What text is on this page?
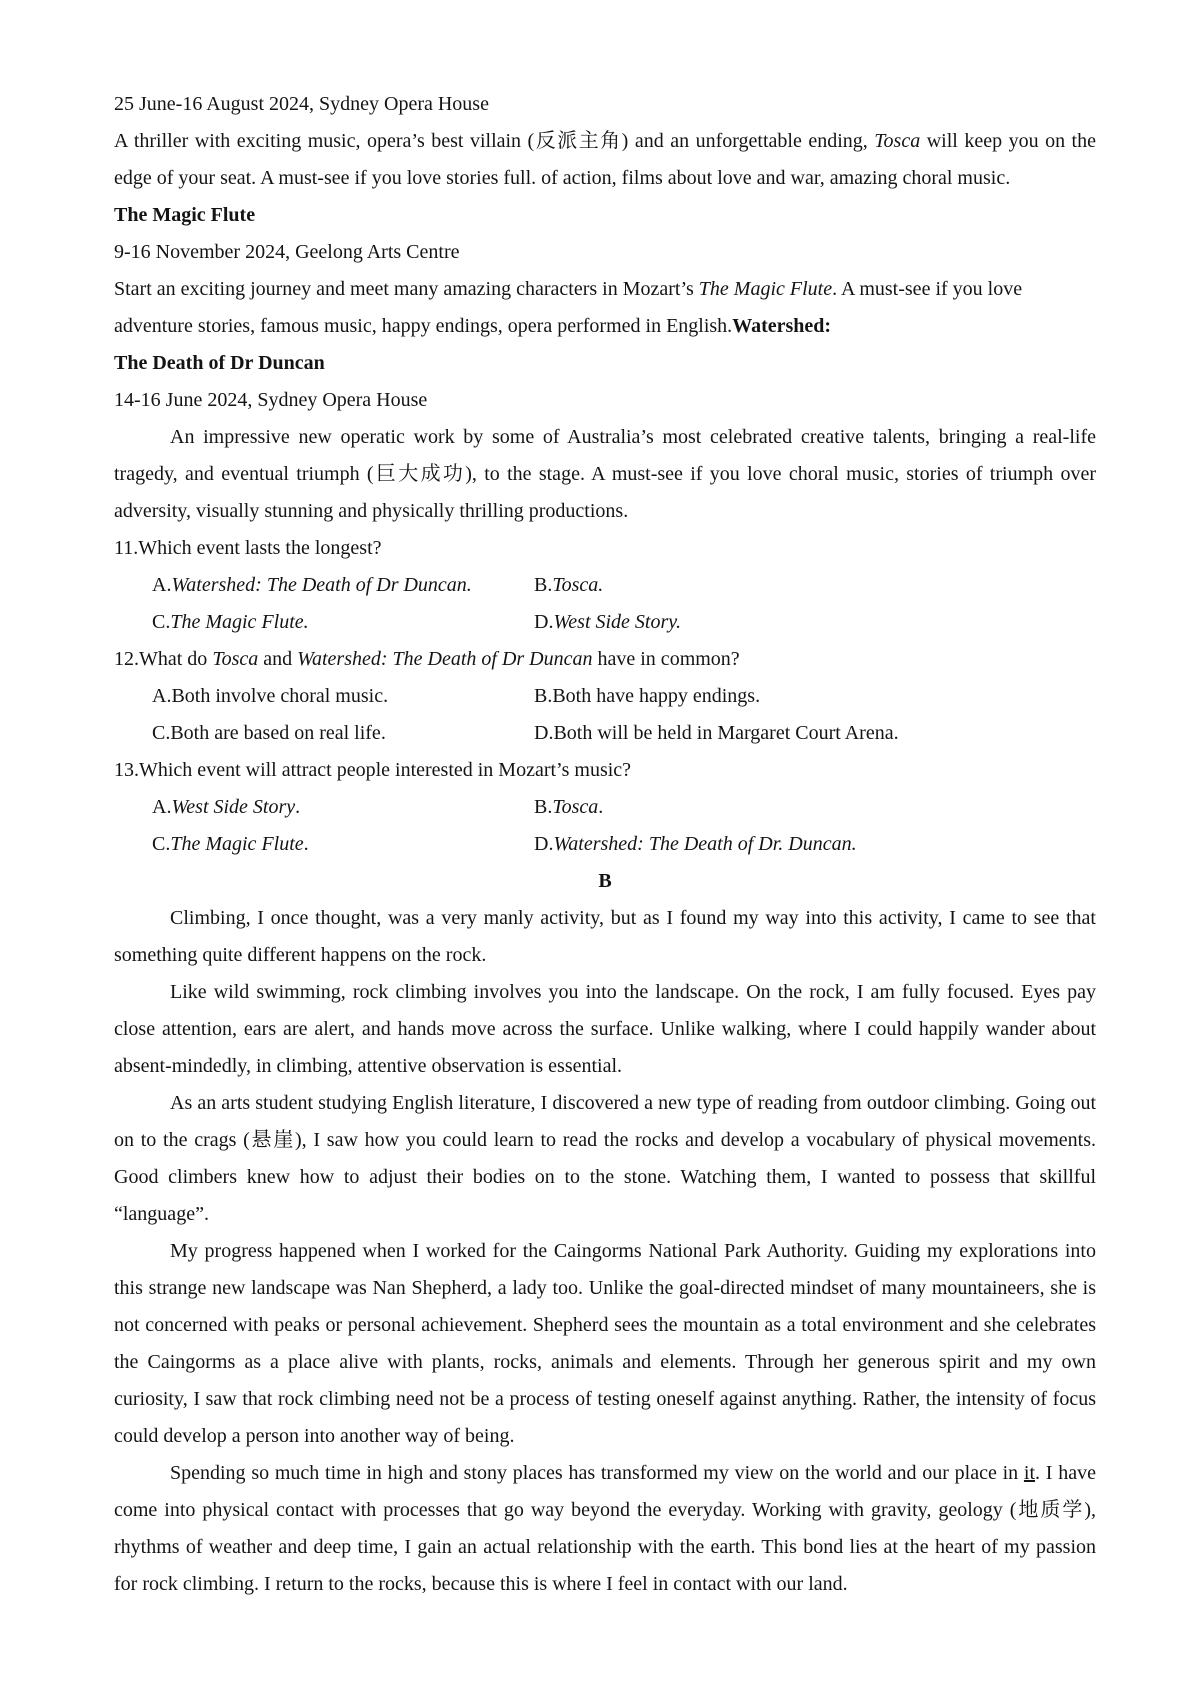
25 June-16 August 2024, Sydney Opera House

A thriller with exciting music, opera’s best villain (反派主角) and an unforgettable ending, Tosca will keep you on the edge of your seat. A must-see if you love stories full. of action, films about love and war, amazing choral music.

The Magic Flute

9-16 November 2024, Geelong Arts Centre

Start an exciting journey and meet many amazing characters in Mozart’s The Magic Flute. A must-see if you love adventure stories, famous music, happy endings, opera performed in English.Watershed:

The Death of Dr Duncan

14-16 June 2024, Sydney Opera House

An impressive new operatic work by some of Australia’s most celebrated creative talents, bringing a real-life tragedy, and eventual triumph (巨大成功), to the stage. A must-see if you love choral music, stories of triumph over adversity, visually stunning and physically thrilling productions.

11.Which event lasts the longest?

A.Watershed: The Death of Dr Duncan.	B.Tosca.
C.The Magic Flute.	D.West Side Story.

12.What do Tosca and Watershed: The Death of Dr Duncan have in common?

A.Both involve choral music.	B.Both have happy endings.
C.Both are based on real life.	D.Both will be held in Margaret Court Arena.

13.Which event will attract people interested in Mozart’s music?

A.West Side Story.	B.Tosca.
C.The Magic Flute.	D.Watershed: The Death of Dr. Duncan.

B

Climbing, I once thought, was a very manly activity, but as I found my way into this activity, I came to see that something quite different happens on the rock.

Like wild swimming, rock climbing involves you into the landscape. On the rock, I am fully focused. Eyes pay close attention, ears are alert, and hands move across the surface. Unlike walking, where I could happily wander about absent-mindedly, in climbing, attentive observation is essential.

As an arts student studying English literature, I discovered a new type of reading from outdoor climbing. Going out on to the crags (悬崖), I saw how you could learn to read the rocks and develop a vocabulary of physical movements. Good climbers knew how to adjust their bodies on to the stone. Watching them, I wanted to possess that skillful “language”.

My progress happened when I worked for the Caingorms National Park Authority. Guiding my explorations into this strange new landscape was Nan Shepherd, a lady too. Unlike the goal-directed mindset of many mountaineers, she is not concerned with peaks or personal achievement. Shepherd sees the mountain as a total environment and she celebrates the Caingorms as a place alive with plants, rocks, animals and elements. Through her generous spirit and my own curiosity, I saw that rock climbing need not be a process of testing oneself against anything. Rather, the intensity of focus could develop a person into another way of being.

Spending so much time in high and stony places has transformed my view on the world and our place in it. I have come into physical contact with processes that go way beyond the everyday. Working with gravity, geology (地质学), rhythms of weather and deep time, I gain an actual relationship with the earth. This bond lies at the heart of my passion for rock climbing. I return to the rocks, because this is where I feel in contact with our land.
